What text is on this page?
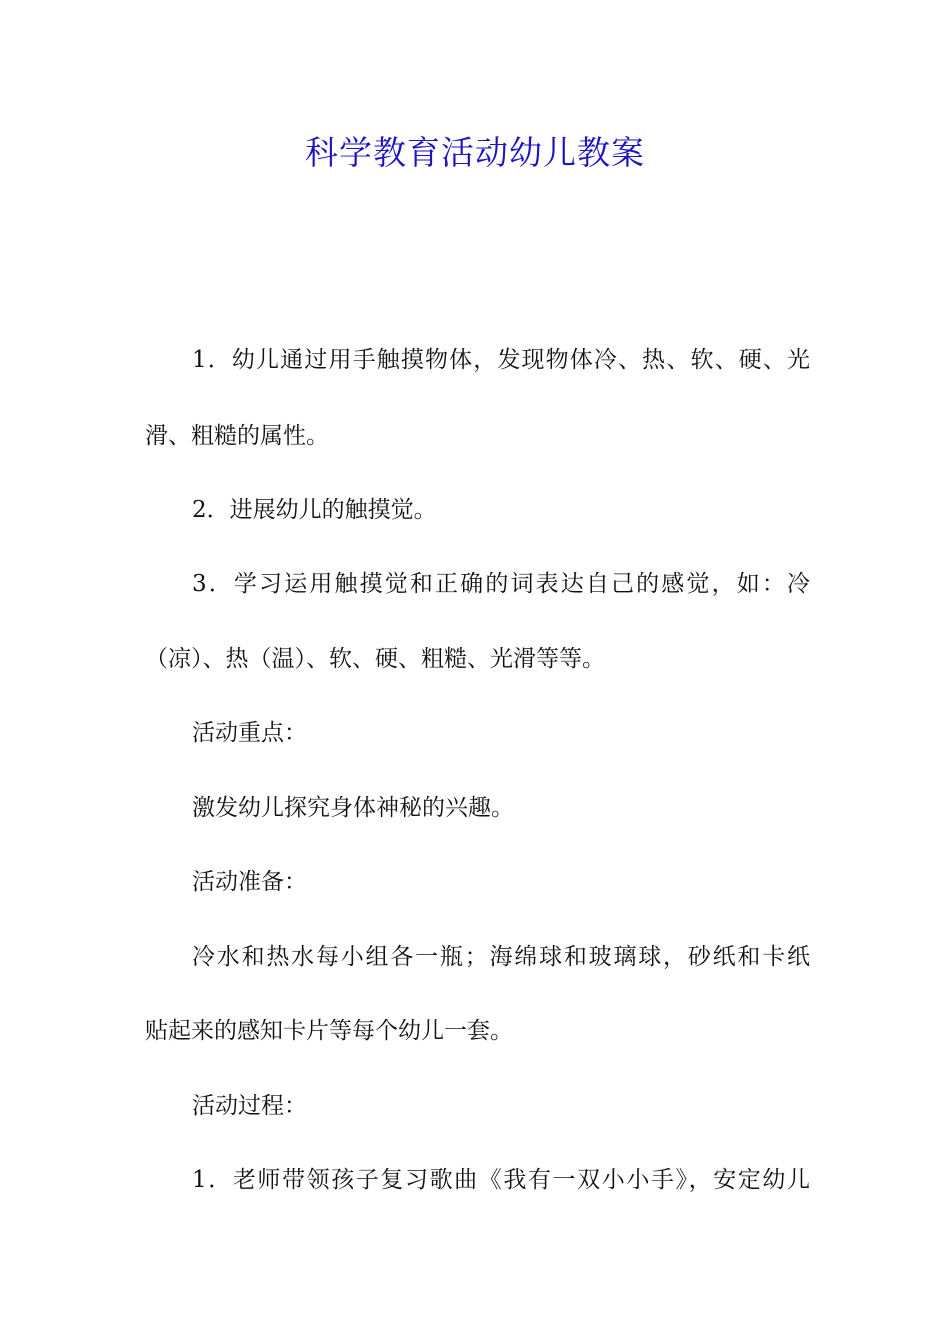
科学教育活动幼儿教案

1．幼儿通过用手触摸物体，发现物体冷、热、软、硬、光

滑、粗糙的属性。

2．进展幼儿的触摸觉。

3．学习运用触摸觉和正确的词表达自己的感觉，如：冷

（凉）、热（温）、软、硬、粗糙、光滑等等。

活动重点：

激发幼儿探究身体神秘的兴趣。

活动准备：

冷水和热水每小组各一瓶；海绵球和玻璃球，砂纸和卡纸

贴起来的感知卡片等每个幼儿一套。

活动过程：

1．老师带领孩子复习歌曲《我有一双小小手》，安定幼儿
